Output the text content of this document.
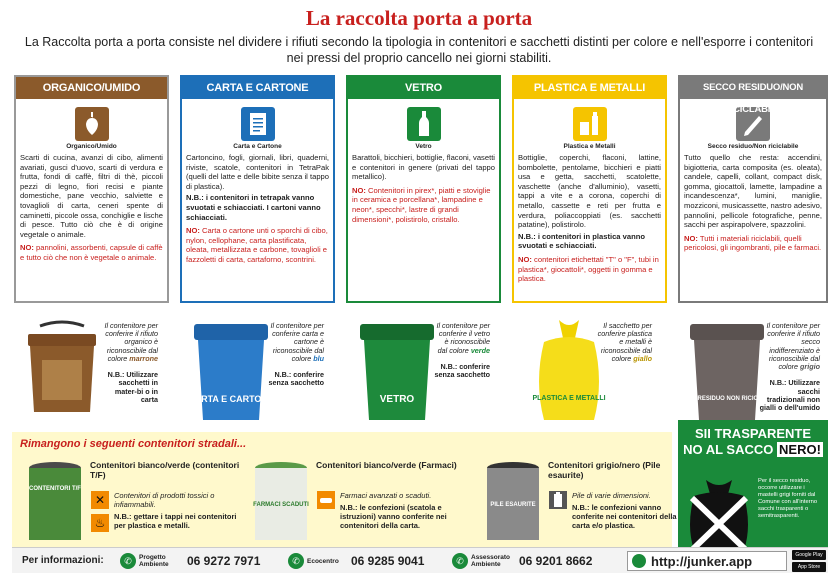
La raccolta porta a porta
La Raccolta porta a porta consiste nel dividere i rifiuti secondo la tipologia in contenitori e sacchetti distinti per colore e nell'esporre i contenitori nei pressi del proprio cancello nei giorni stabiliti.
ORGANICO/UMIDO
Organico/Umido
Scarti di cucina, avanzi di cibo, alimenti avariati, gusci d'uovo, scarti di verdura e frutta, fondi di caffè, filtri di thè, piccoli pezzi di legno, fiori recisi e piante domestiche, pane vecchio, salviette e tovaglioli di carta, ceneri spente di caminetti, piccole ossa, conchiglie e lische di pesce. Tutto ciò che è di origine vegetale o animale.
NO: pannolini, assorbenti, capsule di caffè e tutto ciò che non è vegetale o animale.
CARTA E CARTONE
Carta e Cartone
Cartoncino, fogli, giornali, libri, quaderni, riviste, scatole, contenitori in TetraPak (quelli del latte e delle bibite senza il tappo di plastica).
N.B.: i contenitori in tetrapak vanno svuotati e schiacciati. I cartoni vanno schiacciati.
NO: Carta o cartone unti o sporchi di cibo, nylon, cellophane, carta plastificata, oleata, metallizzata e carbone, tovaglioli e fazzoletti di carta, cartaforno, scontrini.
VETRO
Vetro
Barattoli, bicchieri, bottiglie, flaconi, vasetti e contenitori in genere (privati del tappo metallico).
NO: Contenitori in pirex*, piatti e stoviglie in ceramica e porcellana*, lampadine e neon*, specchi*, lastre di grandi dimensioni*, polistirolo, cristallo.
PLASTICA E METALLI
Plastica e Metalli
Bottiglie, coperchi, flaconi, lattine, bombolette, pentolame, bicchieri e piatti usa e getta, sacchetti, scatolette, vaschette (anche d'alluminio), vasetti, tappi a vite e a corona, coperchi di metallo, cassette e reti per frutta e verdura, poliaccoppiati (es. sacchetti patatine), polistirolo.
N.B.: i contenitori in plastica vanno svuotati e schiacciati.
NO: contenitori etichettati "T" o "F", tubi in plastica*, giocattoli*, oggetti in gomma e plastica.
SECCO RESIDUO/NON RICICLABILE
Secco residuo/Non riciclabile
Tutto quello che resta: accendini, bigiotteria, carta composita (es. oleata), candele, capelli, collant, compact disk, gomma, giocattoli, lamette, lampadine a incandescenza*, lumini, maniglie, mozziconi, musicassette, nastro adesivo, pannolini, pellicole fotografiche, penne, sacchi per aspirapolvere, spazzolini.
NO: Tutti i materiali riciclabili, quelli pericolosi, gli ingombranti, pile e farmaci.
Il contenitore per conferire il rifiuto organico è riconoscibile dal colore marrone

N.B.: Utilizzare sacchetti in mater-bi o in carta	CARTA E CARTONE
Il contenitore per conferire carta e cartone è riconoscibile dal colore blu

N.B.: conferire senza sacchetto
VETRO
Il contenitore per conferire il vetro è riconoscibile dal colore verde

N.B.: conferire senza sacchetto
PLASTICA E METALLI
Il sacchetto per conferire plastica e metalli è riconoscibile dal colore giallo
SECCO RESIDUO NON RICICLABILE
Il contenitore per conferire il rifiuto secco indifferenziato è riconoscibile dal colore grigio

N.B.: Utilizzare sacchi tradizionali non gialli o dell'umido
Rimangono i seguenti contenitori stradali...
CONTENITORI T/F
Contenitori bianco/verde (contenitori T/F)
✕
♨
Contenitori di prodotti tossici o infiammabili.
N.B.: gettare i tappi nei contenitori per plastica e metalli.
FARMACI SCADUTI
Contenitori bianco/verde (Farmaci)
Farmaci avanzati o scaduti.
N.B.: le confezioni (scatola e istruzioni) vanno conferite nei contenitori della carta.
PILE ESAURITE
Contenitori grigio/nero (Pile esaurite)
Pile di varie dimensioni.
N.B.: le confezioni vanno conferite nei contenitori della carta e/o plastica.
SII TRASPARENTE
NO AL SACCO NERO!
Per il secco residuo, occorre utilizzare i mastelli grigi forniti dal Comune con all'interno sacchi trasparenti o semitrasparenti.
Per informazioni:	✆	Progetto Ambiente	06 9272 7971	✆	Ecocentro	06 9285 9041	✆	Assessorato Ambiente	06 9201 8662	http://junker.app	Google Play
App Store
